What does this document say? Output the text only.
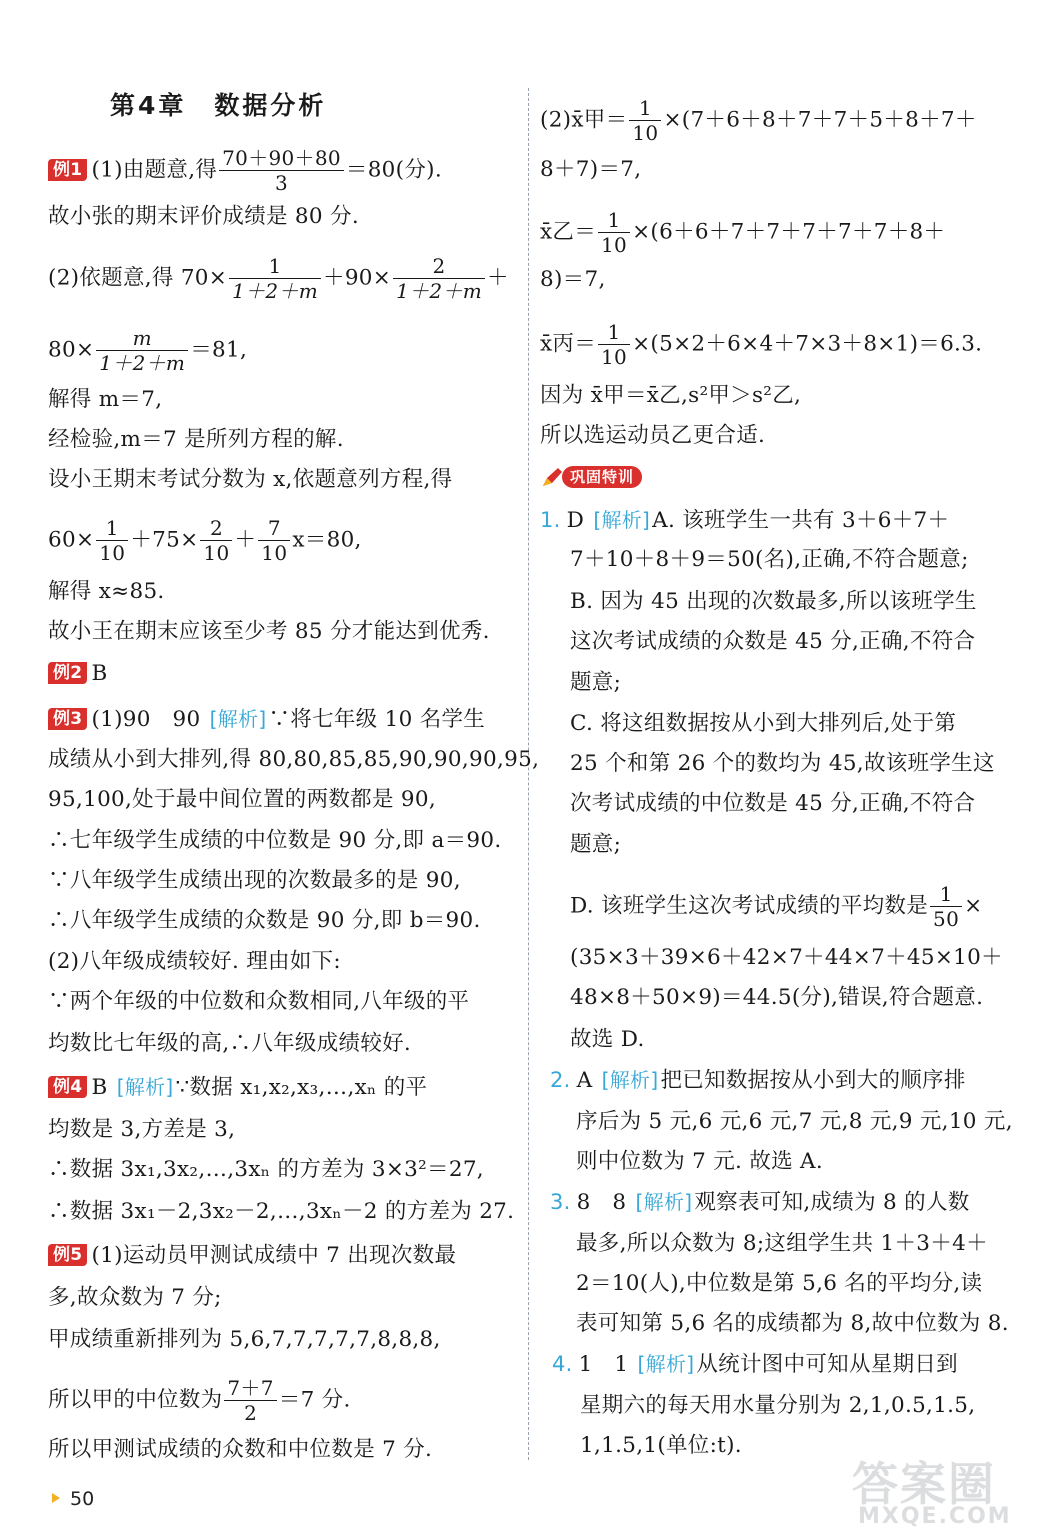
第4章　数据分析
例1 (1)由题意,得 $\frac{70+90+80}{3} =80$(分).
故小张的期末评价成绩是 80 分.
(2)依题意,得 $70\times \frac{1}{1+2+m} +90\times \frac{2}{1+2+m}$ ＋
$80\times \frac{m}{1+2+m} =81$,
解得 m＝7,
经检验,m＝7 是所列方程的解.
设小王期末考试分数为 x,依题意列方程,得
$60\times \frac{1}{10} +75\times \frac{2}{10} + \frac{7}{10} x=80$,
解得 x≈85.
故小王在期末应该至少考 85 分才能达到优秀.
例2 B
例3 (1)90　90 [解析]∵将七年级 10 名学生
成绩从小到大排列,得 80,80,85,85,90,90,90,95,
95,100,处于最中间位置的两数都是 90,
∴七年级学生成绩的中位数是 90 分,即 a＝90.
∵八年级学生成绩出现的次数最多的是 90,
∴八年级学生成绩的众数是 90 分,即 b＝90.
(2)八年级成绩较好. 理由如下:
∵两个年级的中位数和众数相同,八年级的平
均数比七年级的高,∴八年级成绩较好.
例4 B [解析]∵数据 x₁,x₂,x₃,…,xₙ 的平
均数是 3,方差是 3,
∴数据 3x₁,3x₂,…,3xₙ 的方差为 3×3²＝27,
∴数据 3x₁－2,3x₂－2,…,3xₙ－2 的方差为 27.
例5 (1)运动员甲测试成绩中 7 出现次数最
多,故众数为 7 分;
甲成绩重新排列为 5,6,7,7,7,7,7,8,8,8,
所以甲的中位数为 $\frac{7+7}{2} =7$ 分.
所以甲测试成绩的众数和中位数是 7 分.
(2)x̄甲＝ $\frac{1}{10} \times(7+6+8+7+7+5+8+7+$
8＋7)＝7,
x̄乙＝ $\frac{1}{10} \times(6+6+7+7+7+7+7+8+$
8)＝7,
x̄丙＝ $\frac{1}{10} \times(5\times 2+6\times 4+7\times 3+8\times 1)=6.3$.
因为 x̄甲＝x̄乙,s²甲＞s²乙,
所以选运动员乙更合适.
巩固特训
1. D [解析]A. 该班学生一共有 3＋6＋7＋
7＋10＋8＋9＝50(名),正确,不符合题意;
B. 因为 45 出现的次数最多,所以该班学生
这次考试成绩的众数是 45 分,正确,不符合
题意;
C. 将这组数据按从小到大排列后,处于第
25 个和第 26 个的数均为 45,故该班学生这
次考试成绩的中位数是 45 分,正确,不符合
题意;
D. 该班学生这次考试成绩的平均数是 $\frac{1}{50}$ ×
(35×3＋39×6＋42×7＋44×7＋45×10＋
48×8＋50×9)＝44.5(分),错误,符合题意.
故选 D.
2. A [解析]把已知数据按从小到大的顺序排
序后为 5 元,6 元,6 元,7 元,8 元,9 元,10 元,
则中位数为 7 元. 故选 A.
3. 8　8 [解析]观察表可知,成绩为 8 的人数
最多,所以众数为 8;这组学生共 1＋3＋4＋
2＝10(人),中位数是第 5,6 名的平均分,读
表可知第 5,6 名的成绩都为 8,故中位数为 8.
4. 1　1 [解析]从统计图中可知从星期日到
星期六的每天用水量分别为 2,1,0.5,1.5,
1,1.5,1(单位:t).
50	答案圈
MXQE.COM
